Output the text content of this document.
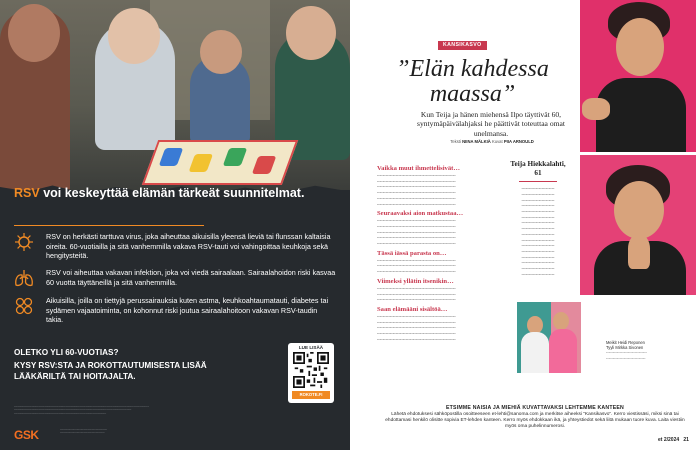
RSV voi keskeyttää elämän tärkeät suunnitelmat.
RSV on herkästi tarttuva virus, joka aiheuttaa aikuisilla yleensä lieviä tai flunssan kaltaisia oireita. 60-vuotiailla ja sitä vanhemmilla vakava RSV-tauti voi vahingoittaa keuhkoja sekä hengitysteitä.
RSV voi aiheuttaa vakavan infektion, joka voi viedä sairaalaan. Sairaalahoidon riski kasvaa 60 vuotta täyttäneillä ja sitä vanhemmilla.
Aikuisilla, joilla on tiettyjä perussairauksia kuten astma, keuhkoahtaumatauti, diabetes tai sydämen vajaatoiminta, on kohonnut riski joutua sairaalahoitoon vakavan RSV-taudin takia.
OLETKO YLI 60-VUOTIAS?
KYSY RSV:STA JA ROKOTTAUTUMISESTA LISÄÄ LÄÄKÄRILTÄ TAI HOITAJALTA.
LUE LISÄÄ
ROKOTE.FI
‑‑‑‑‑‑‑‑‑‑‑‑‑‑‑‑‑‑‑‑‑‑‑‑‑‑‑‑‑‑‑‑‑‑‑‑‑‑‑‑‑‑‑‑‑‑‑‑‑‑‑‑‑‑‑‑‑‑‑‑‑‑‑‑‑‑‑‑‑‑‑‑‑‑‑‑‑‑‑‑‑‑‑‑‑‑‑‑‑‑‑‑‑‑‑‑‑‑‑‑‑‑‑‑‑‑‑‑‑‑‑‑‑‑‑‑‑‑‑‑‑‑‑‑‑‑‑‑‑‑‑‑‑‑‑‑‑‑‑‑‑‑‑‑‑
‑‑‑‑‑‑‑‑‑‑‑‑‑‑‑‑‑‑‑‑‑‑‑‑‑‑‑‑‑‑‑‑‑‑‑‑‑‑‑‑‑‑‑‑‑‑‑‑‑‑‑‑‑‑‑‑‑‑‑‑‑‑‑‑‑‑‑‑‑‑‑‑‑‑‑‑‑‑‑‑‑‑‑‑‑‑‑‑‑‑‑‑‑‑‑‑‑‑‑‑‑‑‑‑‑‑‑‑‑‑‑‑‑‑‑‑‑‑‑‑‑‑‑‑‑‑
‑‑‑‑‑‑‑‑‑‑‑‑‑‑‑‑‑‑‑‑‑‑‑‑‑‑‑‑‑‑‑‑‑‑‑‑‑‑‑‑‑‑‑‑‑‑‑‑‑‑‑‑‑‑‑‑‑‑‑‑‑‑‑‑‑‑‑‑‑‑‑‑‑‑‑‑‑‑‑‑‑‑‑‑‑‑‑‑‑‑‑‑‑‑‑‑‑‑‑
GSK	‑‑‑‑‑‑‑‑‑‑‑‑‑‑‑‑‑‑‑‑‑‑‑‑‑‑‑‑‑‑‑‑‑‑‑‑‑‑‑‑‑‑‑‑‑‑‑‑‑‑‑‑‑‑‑‑‑‑‑
‑‑‑‑‑‑‑‑‑‑‑‑‑‑‑‑‑‑‑‑‑‑‑‑‑‑‑‑‑‑‑‑‑‑‑‑‑‑‑‑‑‑‑‑‑‑‑‑‑‑‑‑‑‑‑‑
KANSIKASVO
”Elän kahdessa maassa”
Kun Teija ja hänen miehensä Ilpo täyttivät 60, syntymäpäivälahjaksi he päättivät toteuttaa omat unelmansa.
Teksti NIINA MÄLKIÄ Kuvat PIIA ARNOULD
Vaikka muut ihmettelisivät…

‑‑‑‑‑‑‑‑‑‑‑‑‑‑‑‑‑‑‑‑‑‑‑‑‑‑‑‑‑‑‑‑‑‑‑‑‑‑‑‑‑‑‑‑‑‑‑‑‑‑‑‑‑‑‑ ‑‑‑‑‑‑‑‑‑‑‑‑‑‑‑‑‑‑‑‑‑‑‑‑‑‑‑‑‑‑‑‑‑‑‑‑‑‑‑‑‑‑‑‑‑‑‑‑‑‑‑‑‑‑‑ ‑‑‑‑‑‑‑‑‑‑‑‑‑‑‑‑‑‑‑‑‑‑‑‑‑‑‑‑‑‑‑‑‑‑‑‑‑‑‑‑‑‑‑‑‑‑‑‑‑‑‑‑‑‑‑ ‑‑‑‑‑‑‑‑‑‑‑‑‑‑‑‑‑‑‑‑‑‑‑‑‑‑‑‑‑‑‑‑‑‑‑‑‑‑‑‑‑‑‑‑‑‑‑‑‑‑‑‑‑‑‑ ‑‑‑‑‑‑‑‑‑‑‑‑‑‑‑‑‑‑‑‑‑‑‑‑‑‑‑‑‑‑‑‑‑‑‑‑‑‑‑‑‑‑‑‑‑‑‑‑‑‑‑‑‑‑‑ ‑‑‑‑‑‑‑‑‑‑‑‑‑‑‑‑‑‑‑‑‑‑‑‑‑‑‑‑‑‑‑‑‑‑‑‑‑‑‑‑‑‑‑‑‑‑‑‑‑‑‑‑‑‑‑

Seuraavaksi aion matkustaa…

‑‑‑‑‑‑‑‑‑‑‑‑‑‑‑‑‑‑‑‑‑‑‑‑‑‑‑‑‑‑‑‑‑‑‑‑‑‑‑‑‑‑‑‑‑‑‑‑‑‑‑‑‑‑‑ ‑‑‑‑‑‑‑‑‑‑‑‑‑‑‑‑‑‑‑‑‑‑‑‑‑‑‑‑‑‑‑‑‑‑‑‑‑‑‑‑‑‑‑‑‑‑‑‑‑‑‑‑‑‑‑ ‑‑‑‑‑‑‑‑‑‑‑‑‑‑‑‑‑‑‑‑‑‑‑‑‑‑‑‑‑‑‑‑‑‑‑‑‑‑‑‑‑‑‑‑‑‑‑‑‑‑‑‑‑‑‑ ‑‑‑‑‑‑‑‑‑‑‑‑‑‑‑‑‑‑‑‑‑‑‑‑‑‑‑‑‑‑‑‑‑‑‑‑‑‑‑‑‑‑‑‑‑‑‑‑‑‑‑‑‑‑‑ ‑‑‑‑‑‑‑‑‑‑‑‑‑‑‑‑‑‑‑‑‑‑‑‑‑‑‑‑‑‑‑‑‑‑‑‑‑‑‑‑‑‑‑‑‑‑‑‑‑‑‑‑‑‑‑

Tässä iässä parasta on…

‑‑‑‑‑‑‑‑‑‑‑‑‑‑‑‑‑‑‑‑‑‑‑‑‑‑‑‑‑‑‑‑‑‑‑‑‑‑‑‑‑‑‑‑‑‑‑‑‑‑‑‑‑‑‑ ‑‑‑‑‑‑‑‑‑‑‑‑‑‑‑‑‑‑‑‑‑‑‑‑‑‑‑‑‑‑‑‑‑‑‑‑‑‑‑‑‑‑‑‑‑‑‑‑‑‑‑‑‑‑‑ ‑‑‑‑‑‑‑‑‑‑‑‑‑‑‑‑‑‑‑‑‑‑‑‑‑‑‑‑‑‑‑‑‑‑‑‑‑‑‑‑‑‑‑‑‑‑‑‑‑‑‑‑‑‑‑

Viimeksi yllätin itsenikin…

‑‑‑‑‑‑‑‑‑‑‑‑‑‑‑‑‑‑‑‑‑‑‑‑‑‑‑‑‑‑‑‑‑‑‑‑‑‑‑‑‑‑‑‑‑‑‑‑‑‑‑‑‑‑‑ ‑‑‑‑‑‑‑‑‑‑‑‑‑‑‑‑‑‑‑‑‑‑‑‑‑‑‑‑‑‑‑‑‑‑‑‑‑‑‑‑‑‑‑‑‑‑‑‑‑‑‑‑‑‑‑ ‑‑‑‑‑‑‑‑‑‑‑‑‑‑‑‑‑‑‑‑‑‑‑‑‑‑‑‑‑‑‑‑‑‑‑‑‑‑‑‑‑‑‑‑‑‑‑‑‑‑‑‑‑‑‑

Saan elämääni sisältöä…

‑‑‑‑‑‑‑‑‑‑‑‑‑‑‑‑‑‑‑‑‑‑‑‑‑‑‑‑‑‑‑‑‑‑‑‑‑‑‑‑‑‑‑‑‑‑‑‑‑‑‑‑‑‑‑ ‑‑‑‑‑‑‑‑‑‑‑‑‑‑‑‑‑‑‑‑‑‑‑‑‑‑‑‑‑‑‑‑‑‑‑‑‑‑‑‑‑‑‑‑‑‑‑‑‑‑‑‑‑‑‑ ‑‑‑‑‑‑‑‑‑‑‑‑‑‑‑‑‑‑‑‑‑‑‑‑‑‑‑‑‑‑‑‑‑‑‑‑‑‑‑‑‑‑‑‑‑‑‑‑‑‑‑‑‑‑‑ ‑‑‑‑‑‑‑‑‑‑‑‑‑‑‑‑‑‑‑‑‑‑‑‑‑‑‑‑‑‑‑‑‑‑‑‑‑‑‑‑‑‑‑‑‑‑‑‑‑‑‑‑‑‑‑ ‑‑‑‑‑‑‑‑‑‑‑‑‑‑‑‑‑‑‑‑‑‑‑‑‑‑‑‑‑‑‑‑‑‑‑‑‑‑‑‑‑‑‑‑‑‑‑‑‑‑‑‑‑‑‑

Teija Hiekkalahti, 61
‑‑‑‑‑‑‑‑‑‑‑‑‑‑‑‑‑‑‑‑‑‑‑ ‑‑‑‑‑‑‑‑‑‑‑‑‑‑‑‑‑‑‑‑‑‑‑ ‑‑‑‑‑‑‑‑‑‑‑‑‑‑‑‑‑‑‑‑‑‑‑ ‑‑‑‑‑‑‑‑‑‑‑‑‑‑‑‑‑‑‑‑‑‑‑ ‑‑‑‑‑‑‑‑‑‑‑‑‑‑‑‑‑‑‑‑‑‑‑ ‑‑‑‑‑‑‑‑‑‑‑‑‑‑‑‑‑‑‑‑‑‑‑ ‑‑‑‑‑‑‑‑‑‑‑‑‑‑‑‑‑‑‑‑‑‑‑ ‑‑‑‑‑‑‑‑‑‑‑‑‑‑‑‑‑‑‑‑‑‑‑ ‑‑‑‑‑‑‑‑‑‑‑‑‑‑‑‑‑‑‑‑‑‑‑ ‑‑‑‑‑‑‑‑‑‑‑‑‑‑‑‑‑‑‑‑‑‑‑ ‑‑‑‑‑‑‑‑‑‑‑‑‑‑‑‑‑‑‑‑‑‑‑ ‑‑‑‑‑‑‑‑‑‑‑‑‑‑‑‑‑‑‑‑‑‑‑ ‑‑‑‑‑‑‑‑‑‑‑‑‑‑‑‑‑‑‑‑‑‑‑ ‑‑‑‑‑‑‑‑‑‑‑‑‑‑‑‑‑‑‑‑‑‑‑ ‑‑‑‑‑‑‑‑‑‑‑‑‑‑‑‑‑‑‑‑‑‑‑ ‑‑‑‑‑‑‑‑‑‑‑‑‑‑‑‑‑‑‑‑‑‑‑
Meikit Heidi Reponen
Tyyli Mirkka Sivonen
‑‑‑‑‑‑‑‑‑‑‑‑‑‑‑‑‑‑‑‑‑‑‑‑‑‑‑‑‑‑
‑‑‑‑‑‑‑‑‑‑‑‑‑‑‑‑‑‑‑‑‑‑‑‑‑‑‑‑‑
ETSIMME NAISIA JA MIEHIÄ KUVATTAVAKSI LEHTEMME KANTEEN
Lähetä ehdotuksesi sähköpostilla osoitteeseen et-lehti@sanoma.com ja merkitse aiheeksi “Kansikasvo”. Kerro viestissäsi, miksi sinä tai ehdottamasi henkilö olisitte sopivia ET-lehden kanteen. Kerro myös ehdokkaan ikä, ja yhteystiedot sekä liitä mukaan tuore kuva. Laita viestiin myös oma puhelinnumerosi.
et 2/2024 21
